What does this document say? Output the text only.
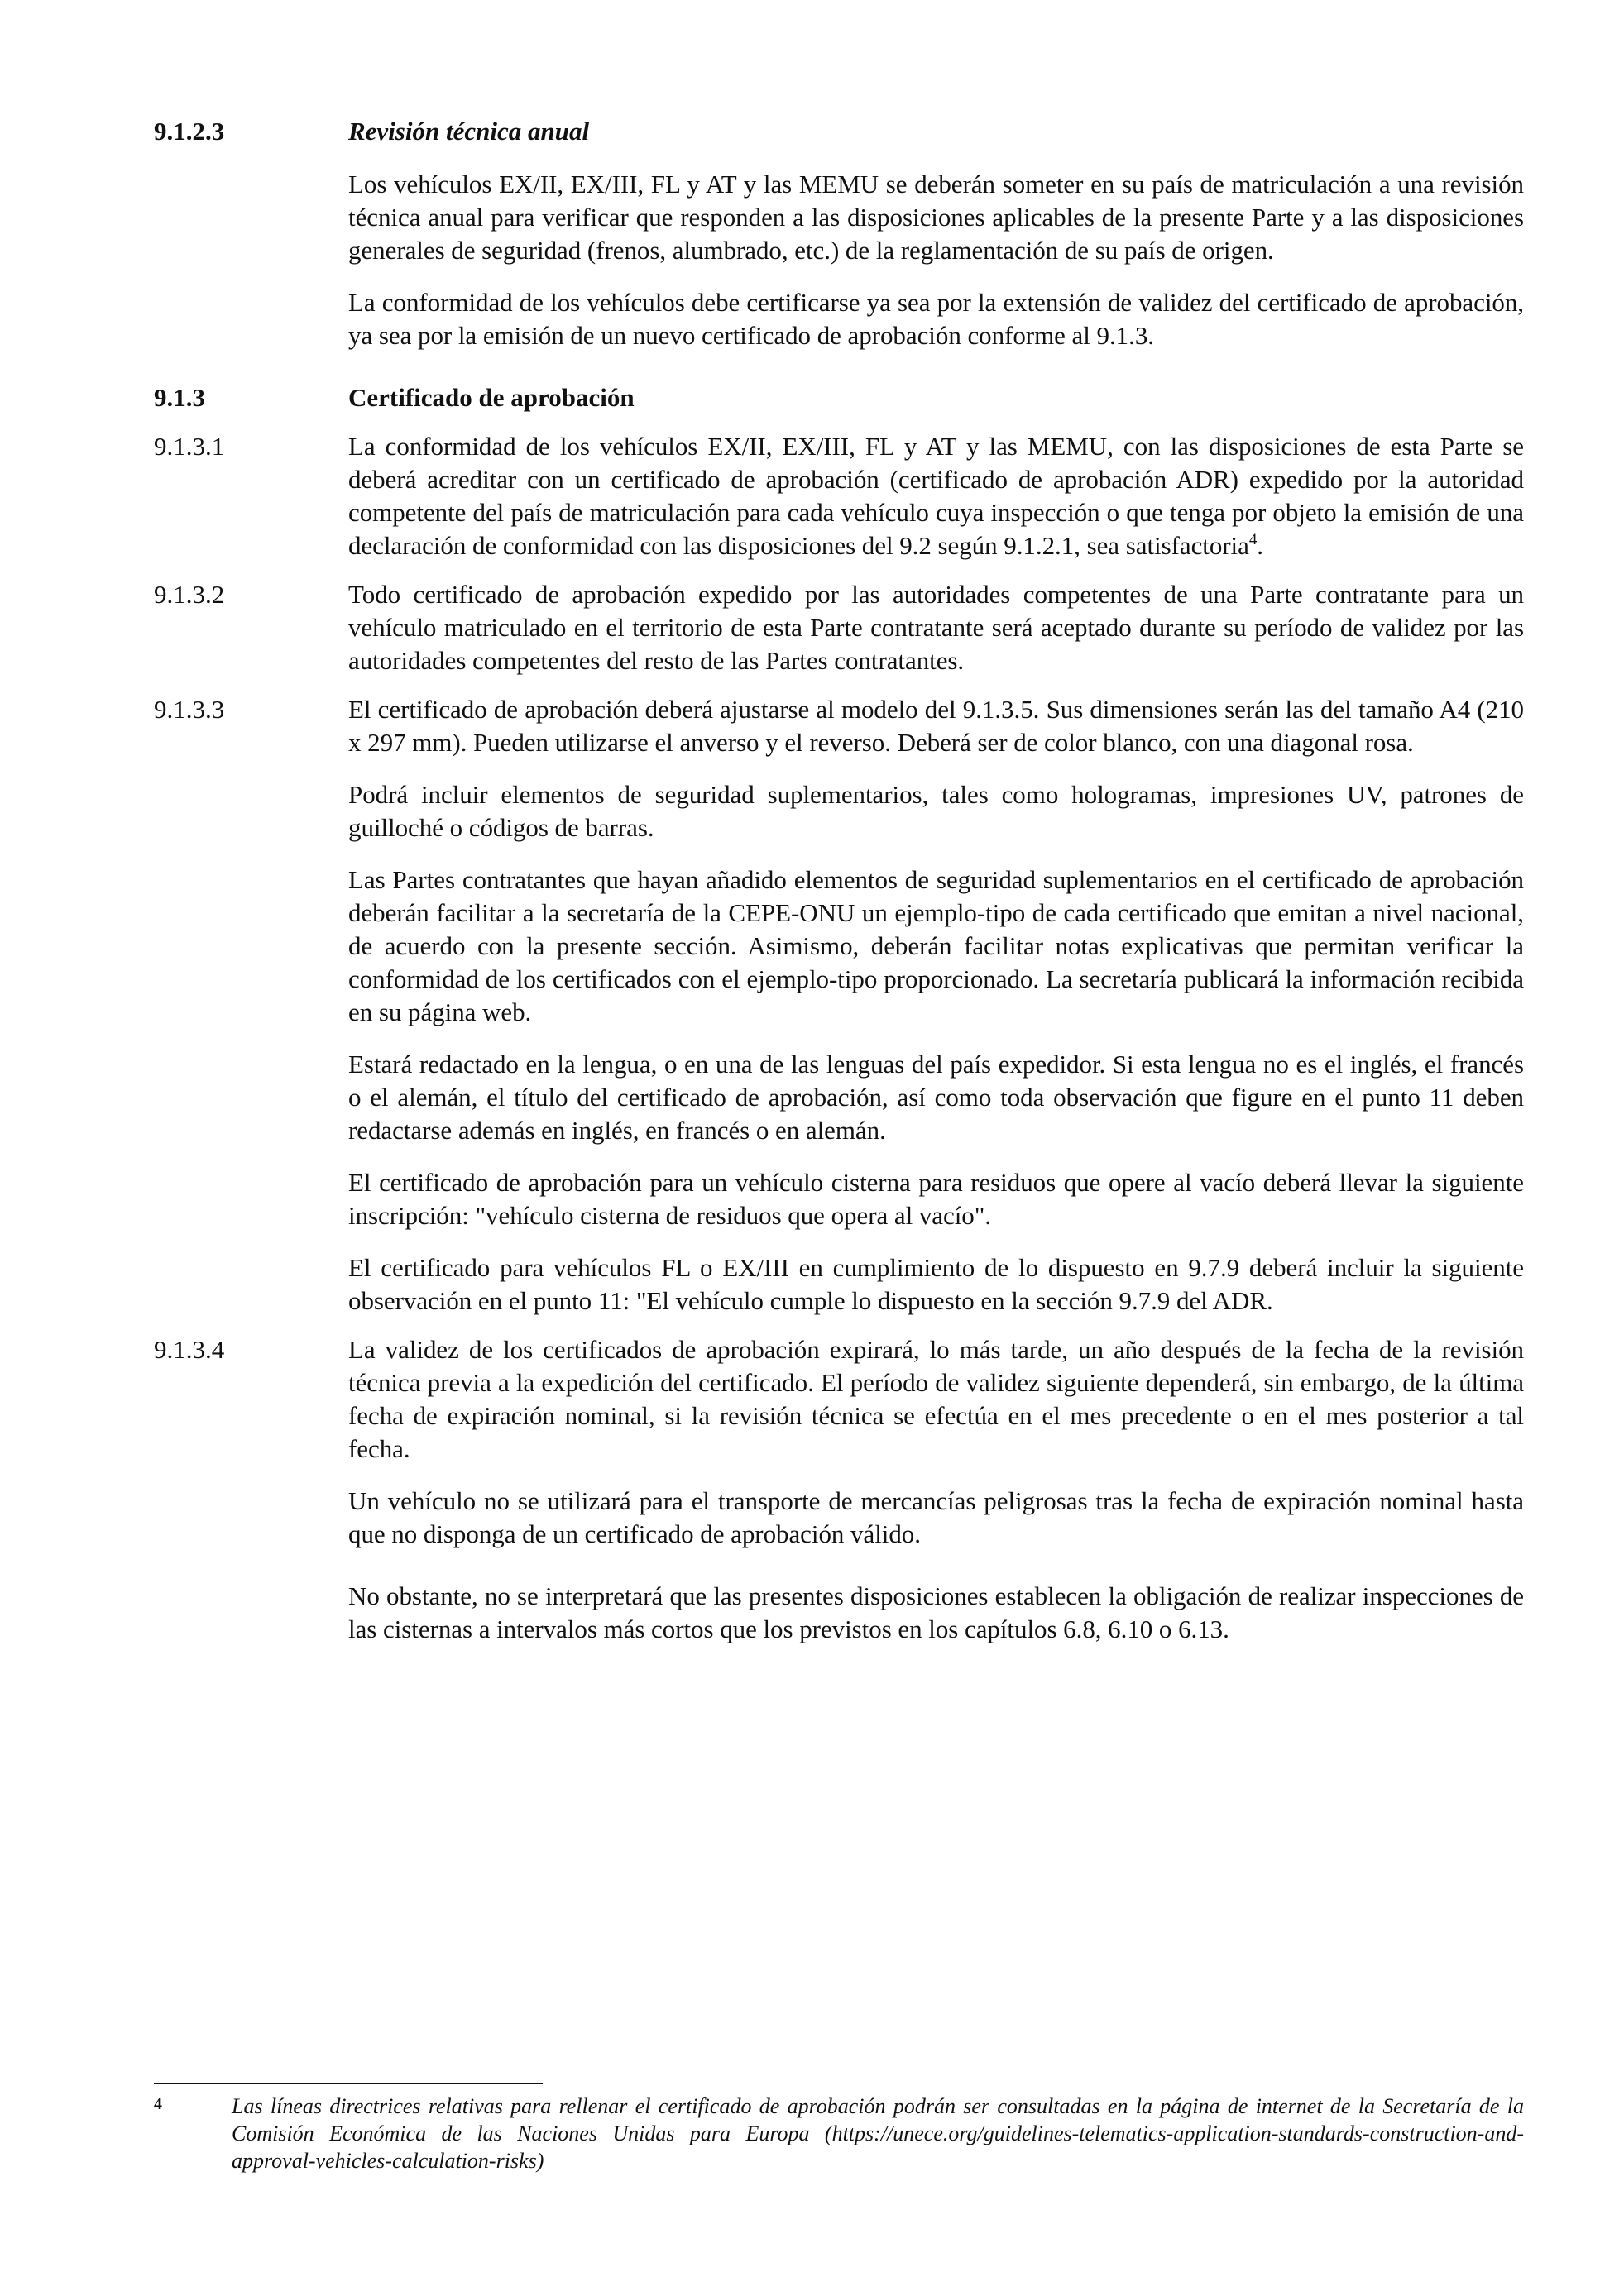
9.1.2.3	Revisión técnica anual

Los vehículos EX/II, EX/III, FL y AT y las MEMU se deberán someter en su país de matriculación a una revisión técnica anual para verificar que responden a las disposiciones aplicables de la presente Parte y a las disposiciones generales de seguridad (frenos, alumbrado, etc.) de la reglamentación de su país de origen.

La conformidad de los vehículos debe certificarse ya sea por la extensión de validez del certificado de aprobación, ya sea por la emisión de un nuevo certificado de aprobación conforme al 9.1.3.

9.1.3	Certificado de aprobación
9.1.3.1	La conformidad de los vehículos EX/II, EX/III, FL y AT y las MEMU, con las disposiciones de esta Parte se deberá acreditar con un certificado de aprobación (certificado de aprobación ADR) expedido por la autoridad competente del país de matriculación para cada vehículo cuya inspección o que tenga por objeto la emisión de una declaración de conformidad con las disposiciones del 9.2 según 9.1.2.1, sea satisfactoria$^4$.

9.1.3.2	Todo certificado de aprobación expedido por las autoridades competentes de una Parte contratante para un vehículo matriculado en el territorio de esta Parte contratante será aceptado durante su período de validez por las autoridades competentes del resto de las Partes contratantes.

9.1.3.3	El certificado de aprobación deberá ajustarse al modelo del 9.1.3.5. Sus dimensiones serán las del tamaño A4 (210 x 297 mm). Pueden utilizarse el anverso y el reverso. Deberá ser de color blanco, con una diagonal rosa.

Podrá incluir elementos de seguridad suplementarios, tales como hologramas, impresiones UV, patrones de guilloché o códigos de barras.

Las Partes contratantes que hayan añadido elementos de seguridad suplementarios en el certificado de aprobación deberán facilitar a la secretaría de la CEPE-ONU un ejemplo-tipo de cada certificado que emitan a nivel nacional, de acuerdo con la presente sección. Asimismo, deberán facilitar notas explicativas que permitan verificar la conformidad de los certificados con el ejemplo-tipo proporcionado. La secretaría publicará la información recibida en su página web.

Estará redactado en la lengua, o en una de las lenguas del país expedidor. Si esta lengua no es el inglés, el francés o el alemán, el título del certificado de aprobación, así como toda observación que figure en el punto 11 deben redactarse además en inglés, en francés o en alemán.

El certificado de aprobación para un vehículo cisterna para residuos que opere al vacío deberá llevar la siguiente inscripción: "vehículo cisterna de residuos que opera al vacío".

El certificado para vehículos FL o EX/III en cumplimiento de lo dispuesto en 9.7.9 deberá incluir la siguiente observación en el punto 11: "El vehículo cumple lo dispuesto en la sección 9.7.9 del ADR.

9.1.3.4	La validez de los certificados de aprobación expirará, lo más tarde, un año después de la fecha de la revisión técnica previa a la expedición del certificado. El período de validez siguiente dependerá, sin embargo, de la última fecha de expiración nominal, si la revisión técnica se efectúa en el mes precedente o en el mes posterior a tal fecha.

Un vehículo no se utilizará para el transporte de mercancías peligrosas tras la fecha de expiración nominal hasta que no disponga de un certificado de aprobación válido.

No obstante, no se interpretará que las presentes disposiciones establecen la obligación de realizar inspecciones de las cisternas a intervalos más cortos que los previstos en los capítulos 6.8, 6.10 o 6.13.

4	Las líneas directrices relativas para rellenar el certificado de aprobación podrán ser consultadas en la página de internet de la Secretaría de la Comisión Económica de las Naciones Unidas para Europa (https://unece.org/guidelines-telematics-application-standards-construction-and-approval-vehicles-calculation-risks)
